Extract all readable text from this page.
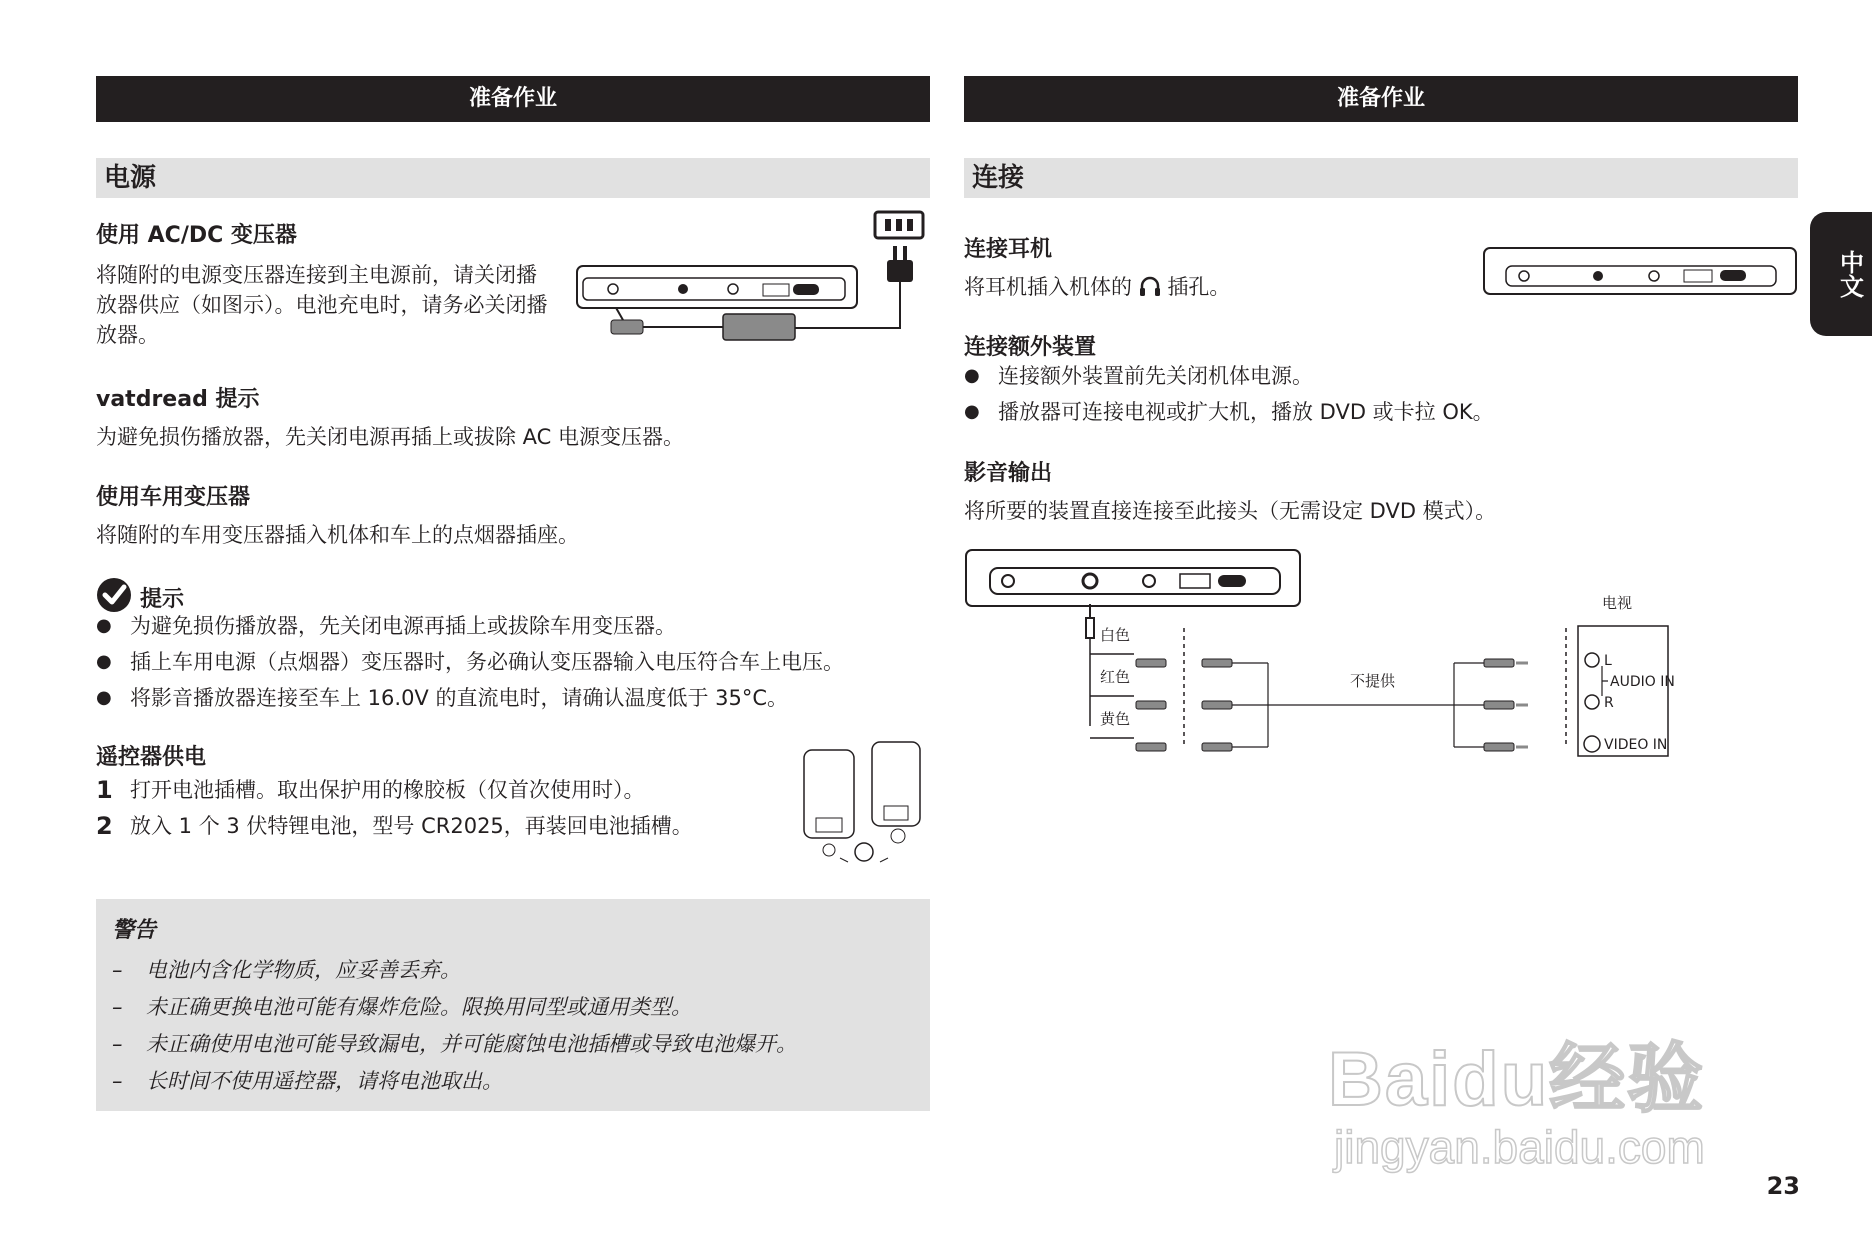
准备作业
电源
使用 AC/DC 变压器
将随附的电源变压器连接到主电源前，请关闭播放器供应（如图示）。电池充电时，请务必关闭播放器。
vatdread 提示
为避免损伤播放器，先关闭电源再插上或拔除 AC 电源变压器。
使用车用变压器
将随附的车用变压器插入机体和车上的点烟器插座。
提示
● 为避免损伤播放器，先关闭电源再插上或拔除车用变压器。
● 插上车用电源（点烟器）变压器时，务必确认变压器输入电压符合车上电压。
● 将影音播放器连接至车上 16.0V 的直流电时，请确认温度低于 35°C。
遥控器供电
1 打开电池插槽。取出保护用的橡胶板（仅首次使用时）。
2 放入 1 个 3 伏特锂电池，型号 CR2025，再装回电池插槽。
警告
–	电池内含化学物质，应妥善丢弃。
–	未正确更换电池可能有爆炸危险。限换用同型或通用类型。
–	未正确使用电池可能导致漏电，并可能腐蚀电池插槽或导致电池爆开。
–	长时间不使用遥控器，请将电池取出。
准备作业
连接
连接耳机
将耳机插入机体的 插孔。
连接额外装置
● 连接额外装置前先关闭机体电源。
● 播放器可连接电视或扩大机，播放 DVD 或卡拉 OK。
影音输出
将所要的装置直接连接至此接头（无需设定 DVD 模式）。
白色
红色
黄色
不提供
电视
L
R
AUDIO IN
VIDEO IN
中文
Baidu经验
jingyan.baidu.com
23
